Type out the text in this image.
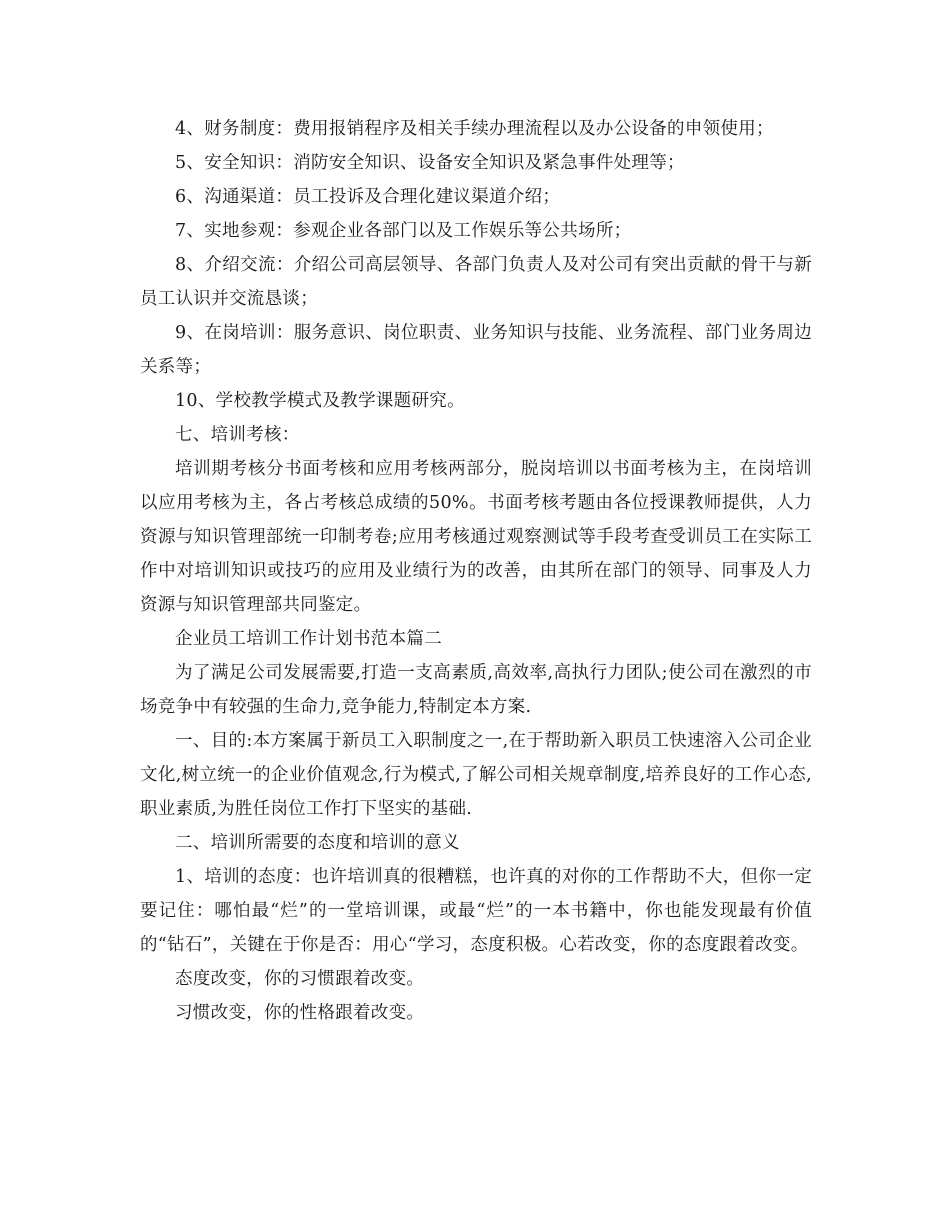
4、财务制度：费用报销程序及相关手续办理流程以及办公设备的申领使用；

5、安全知识：消防安全知识、设备安全知识及紧急事件处理等；

6、沟通渠道：员工投诉及合理化建议渠道介绍；

7、实地参观：参观企业各部门以及工作娱乐等公共场所；

8、介绍交流：介绍公司高层领导、各部门负责人及对公司有突出贡献的骨干与新员工认识并交流恳谈；

9、在岗培训：服务意识、岗位职责、业务知识与技能、业务流程、部门业务周边关系等；

10、学校教学模式及教学课题研究。

七、培训考核：

培训期考核分书面考核和应用考核两部分，脱岗培训以书面考核为主，在岗培训以应用考核为主，各占考核总成绩的50%。书面考核考题由各位授课教师提供，人力资源与知识管理部统一印制考卷;应用考核通过观察测试等手段考查受训员工在实际工作中对培训知识或技巧的应用及业绩行为的改善，由其所在部门的领导、同事及人力资源与知识管理部共同鉴定。

企业员工培训工作计划书范本篇二

为了满足公司发展需要,打造一支高素质,高效率,高执行力团队;使公司在激烈的市场竞争中有较强的生命力,竞争能力,特制定本方案.

一、目的:本方案属于新员工入职制度之一,在于帮助新入职员工快速溶入公司企业文化,树立统一的企业价值观念,行为模式,了解公司相关规章制度,培养良好的工作心态,职业素质,为胜任岗位工作打下坚实的基础.

二、培训所需要的态度和培训的意义

1、培训的态度：也许培训真的很糟糕，也许真的对你的工作帮助不大，但你一定要记住：哪怕最“烂”的一堂培训课，或最“烂”的一本书籍中，你也能发现最有价值的“钻石”，关键在于你是否：用心“学习，态度积极。心若改变，你的态度跟着改变。

态度改变，你的习惯跟着改变。

习惯改变，你的性格跟着改变。
